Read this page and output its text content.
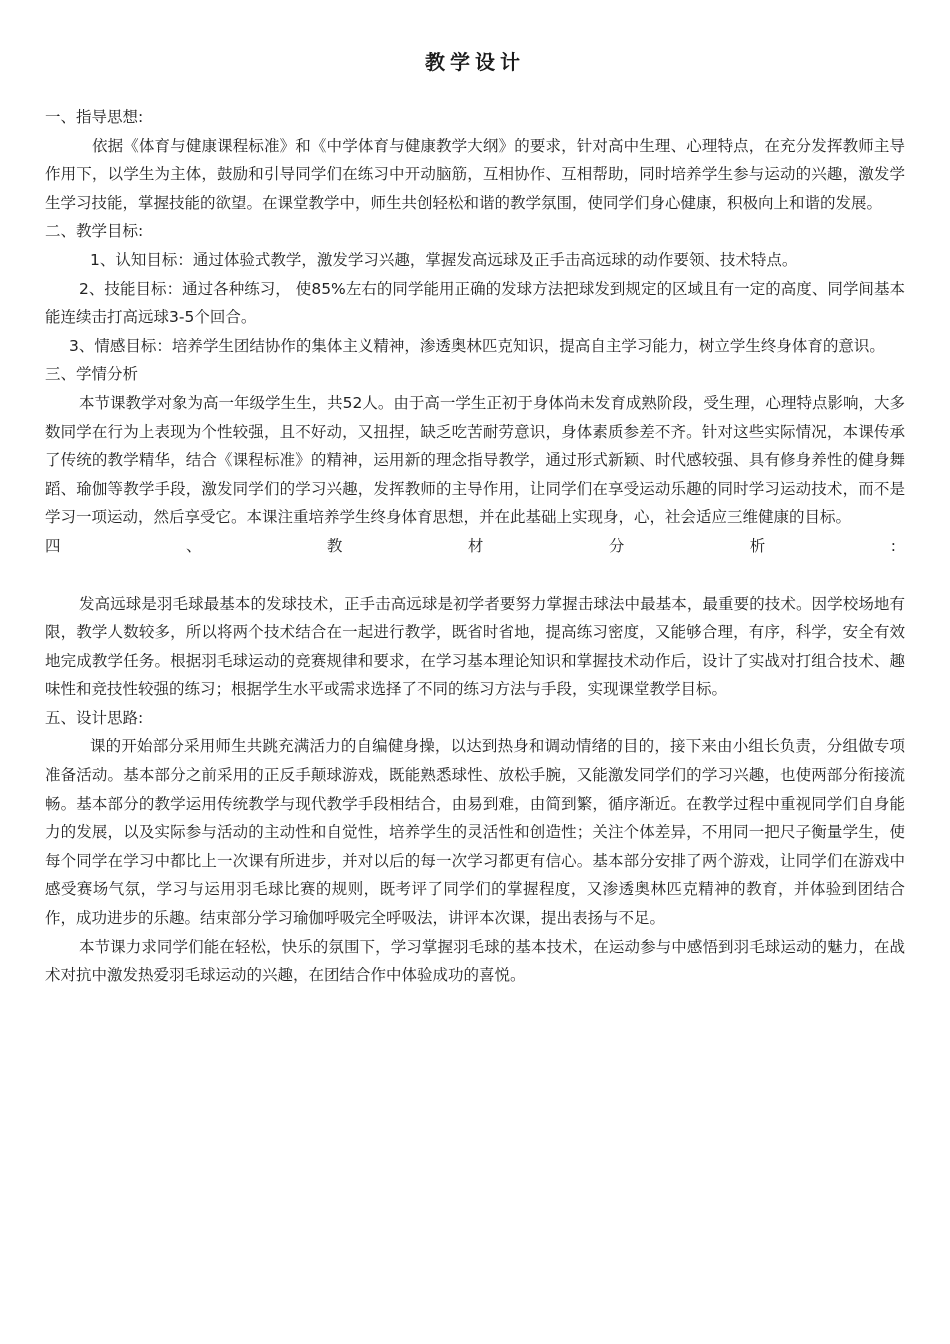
教学设计

一、指导思想:

依据《体育与健康课程标准》和《中学体育与健康教学大纲》的要求，针对高中生理、心理特点，在充分发挥教师主导作用下，以学生为主体，鼓励和引导同学们在练习中开动脑筋，互相协作、互相帮助，同时培养学生参与运动的兴趣，激发学生学习技能，掌握技能的欲望。在课堂教学中，师生共创轻松和谐的教学氛围，使同学们身心健康，积极向上和谐的发展。

二、教学目标:

1、认知目标：通过体验式教学，激发学习兴趣，掌握发高远球及正手击高远球的动作要领、技术特点。

2、技能目标：通过各种练习， 使85%左右的同学能用正确的发球方法把球发到规定的区域且有一定的高度、同学间基本能连续击打高远球3-5个回合。

3、情感目标：培养学生团结协作的集体主义精神，渗透奥林匹克知识，提高自主学习能力，树立学生终身体育的意识。

三、学情分析

本节课教学对象为高一年级学生生，共52人。由于高一学生正初于身体尚未发育成熟阶段，受生理，心理特点影响，大多数同学在行为上表现为个性较强，且不好动，又扭捏，缺乏吃苦耐劳意识，身体素质参差不齐。针对这些实际情况，本课传承了传统的教学精华，结合《课程标准》的精神，运用新的理念指导教学，通过形式新颖、时代感较强、具有修身养性的健身舞蹈、瑜伽等教学手段，激发同学们的学习兴趣，发挥教师的主导作用，让同学们在享受运动乐趣的同时学习运动技术，而不是学习一项运动，然后享受它。本课注重培养学生终身体育思想，并在此基础上实现身，心，社会适应三维健康的目标。

四	、	教	材	分	析	:

发高远球是羽毛球最基本的发球技术，正手击高远球是初学者要努力掌握击球法中最基本，最重要的技术。因学校场地有限，教学人数较多，所以将两个技术结合在一起进行教学，既省时省地，提高练习密度，又能够合理，有序，科学，安全有效地完成教学任务。根据羽毛球运动的竞赛规律和要求，在学习基本理论知识和掌握技术动作后，设计了实战对打组合技术、趣味性和竞技性较强的练习；根据学生水平或需求选择了不同的练习方法与手段，实现课堂教学目标。

五、设计思路:

课的开始部分采用师生共跳充满活力的自编健身操，以达到热身和调动情绪的目的，接下来由小组长负责，分组做专项准备活动。基本部分之前采用的正反手颠球游戏，既能熟悉球性、放松手腕，又能激发同学们的学习兴趣，也使两部分衔接流畅。基本部分的教学运用传统教学与现代教学手段相结合，由易到难，由简到繁，循序渐近。在教学过程中重视同学们自身能力的发展，以及实际参与活动的主动性和自觉性，培养学生的灵活性和创造性；关注个体差异，不用同一把尺子衡量学生，使每个同学在学习中都比上一次课有所进步，并对以后的每一次学习都更有信心。基本部分安排了两个游戏，让同学们在游戏中感受赛场气氛，学习与运用羽毛球比赛的规则，既考评了同学们的掌握程度，又渗透奥林匹克精神的教育，并体验到团结合作，成功进步的乐趣。结束部分学习瑜伽呼吸完全呼吸法，讲评本次课，提出表扬与不足。

本节课力求同学们能在轻松，快乐的氛围下，学习掌握羽毛球的基本技术，在运动参与中感悟到羽毛球运动的魅力，在战术对抗中激发热爱羽毛球运动的兴趣，在团结合作中体验成功的喜悦。
